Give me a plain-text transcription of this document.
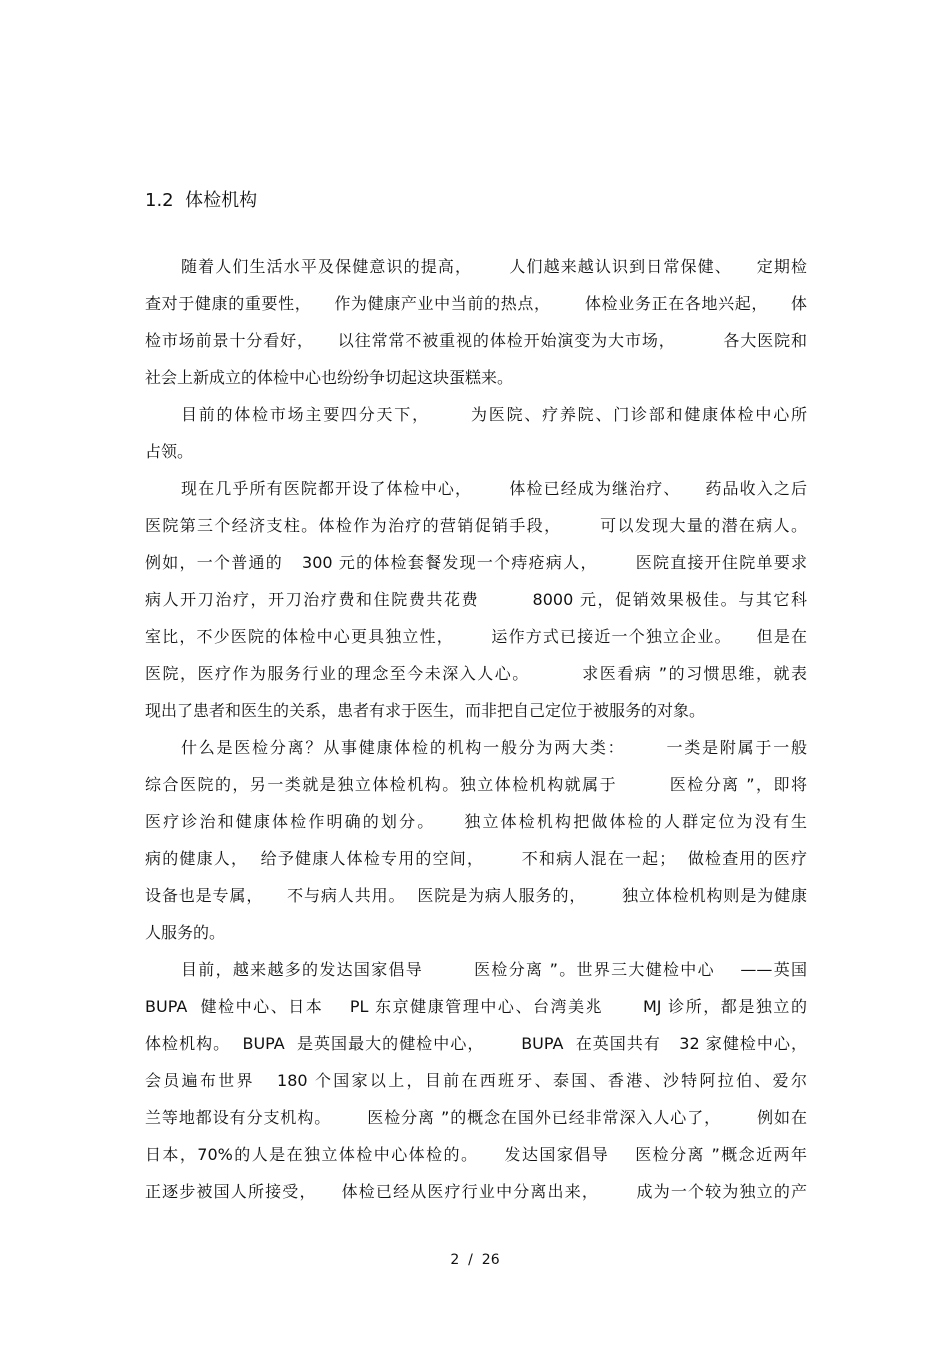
1.2  体检机构
随着人们生活水平及保健意识的提高，      人们越来越认识到日常保健、    定期检
查对于健康的重要性，    作为健康产业中当前的热点，      体检业务正在各地兴起，    体
检市场前景十分看好，    以往常常不被重视的体检开始演变为大市场，        各大医院和
社会上新成立的体检中心也纷纷争切起这块蛋糕来。
目前的体检市场主要四分天下，      为医院、疗养院、门诊部和健康体检中心所
占领。
现在几乎所有医院都开设了体检中心，      体检已经成为继治疗、    药品收入之后
医院第三个经济支柱。体检作为治疗的营销促销手段，      可以发现大量的潜在病人。
例如，一个普通的   300 元的体检套餐发现一个痔疮病人，      医院直接开住院单要求
病人开刀治疗，开刀治疗费和住院费共花费        8000 元，促销效果极佳。与其它科
室比，不少医院的体检中心更具独立性，      运作方式已接近一个独立企业。    但是在
医院，医疗作为服务行业的理念至今未深入人心。        求医看病 ”的习惯思维，就表
现出了患者和医生的关系，患者有求于医生，而非把自己定位于被服务的对象。
什么是医检分离？从事健康体检的机构一般分为两大类：      一类是附属于一般
综合医院的，另一类就是独立体检机构。独立体检机构就属于        医检分离 ”，即将
医疗诊治和健康体检作明确的划分。    独立体检机构把做体检的人群定位为没有生
病的健康人，  给予健康人体检专用的空间，      不和病人混在一起；  做检查用的医疗
设备也是专属，    不与病人共用。  医院是为病人服务的，      独立体检机构则是为健康
人服务的。
目前，越来越多的发达国家倡导        医检分离 ”。世界三大健检中心    ——英国
BUPA  健检中心、日本    PL 东京健康管理中心、台湾美兆      MJ 诊所，都是独立的
体检机构。  BUPA  是英国最大的健检中心，      BUPA  在英国共有   32 家健检中心，
会员遍布世界   180 个国家以上，目前在西班牙、泰国、香港、沙特阿拉伯、爱尔
兰等地都设有分支机构。      医检分离 ”的概念在国外已经非常深入人心了，      例如在
日本，70%的人是在独立体检中心体检的。    发达国家倡导    医检分离 ”概念近两年
正逐步被国人所接受，    体检已经从医疗行业中分离出来，      成为一个较为独立的产
2  /  26
